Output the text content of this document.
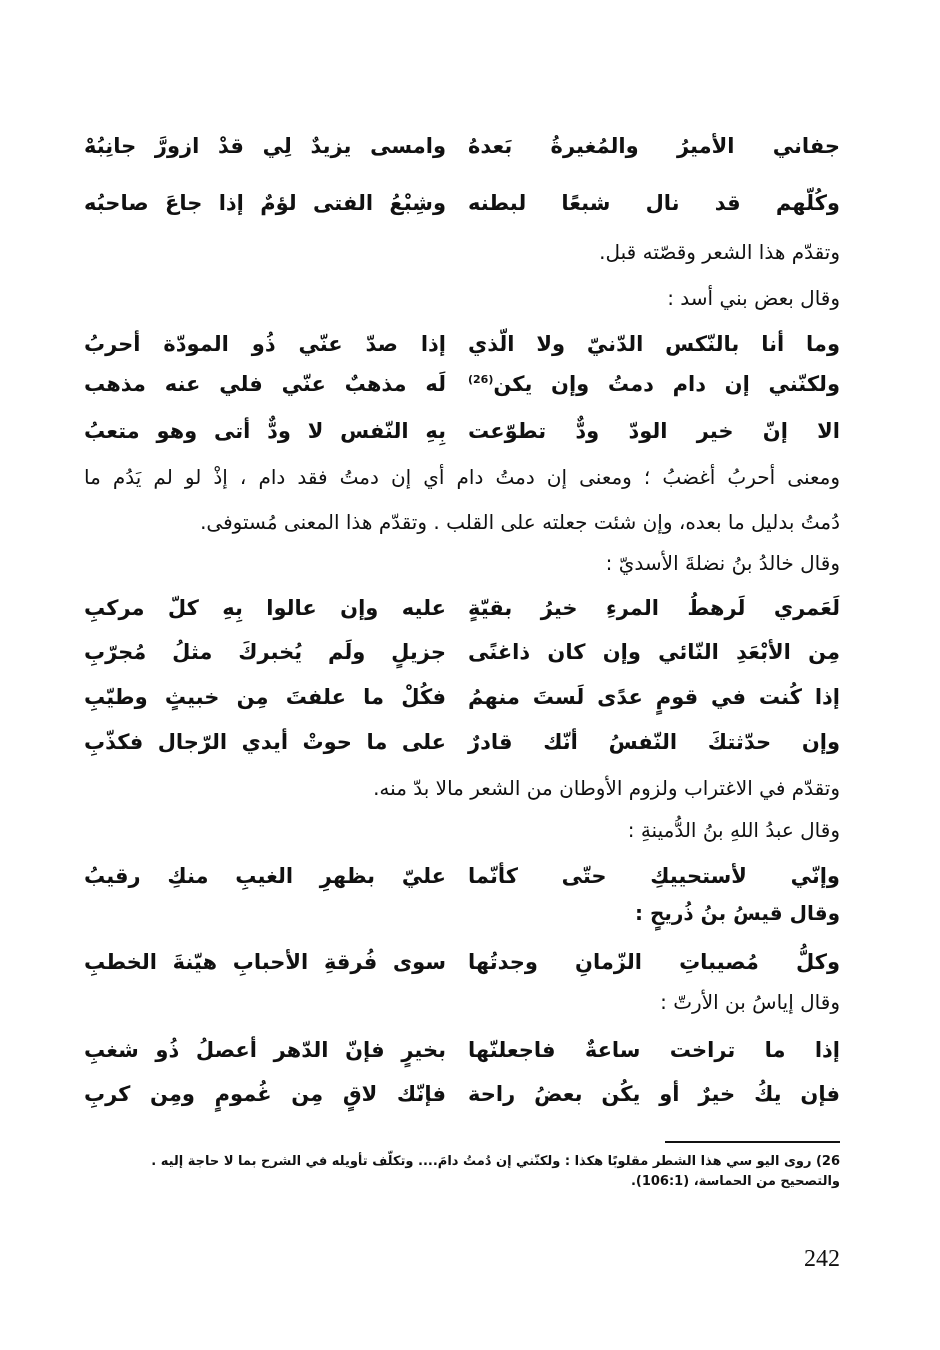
جفاني الأميرُ والمُغيرةُ بَعدهُ
وامسى يزيدٌ لِي قدْ ازورَّ جانِبُهْ
وكُلّهم قد نال شبعًا لبطنه
وشِبْعُ الفتى لؤمٌ إذا جاعَ صاحبُه
وتقدّم هذا الشعر وقصّته قبل.
وقال بعض بني أسد :
وما أنا بالنّكس الدّنيّ ولا الّذي
إذا صدّ عنّي ذُو المودّة أحربُ
ولكنّني إن دام دمتُ وإن يكن$^{(26)}$
لَه مذهبٌ عنّي فلي عنه مذهب
الا إنّ خير الودّ ودٌّ تطوّعت
بِهِ النّفس لا ودٌّ أتى وهو متعبُ
ومعنى أحربُ أغضبُ ؛ ومعنى إن دمتُ دام أي إن دمتُ فقد دام ، إذْ لو لم يَدُم ما
دُمتُ بدليل ما بعده، وإن شئت جعلته على القلب . وتقدّم هذا المعنى مُستوفى.
وقال خالدُ بنُ نضلةَ الأسديّ :
لَعَمري لَرهطُ المرءِ خيرُ بقيّةٍ
عليه وإن عالوا بِهِ كلّ مركبِ
مِن الأبْعَدِ النّائي وإن كان ذاغنًى
جزيلٍ ولَم يُخبركَ مثلُ مُجرّبِ
إذا كُنت في قومٍ عدًى لَستَ منهمُ
فكُلْ ما علفتَ مِن خبيثٍ وطيّبِ
وإن حدّثتكَ النّفسُ أنّك قادرٌ
على ما حوتْ أيدي الرّجال فكذّبِ
وتقدّم في الاغتراب ولزوم الأوطان من الشعر مالا بدّ منه.
وقال عبدُ اللهِ بنُ الدُّمينةِ :
وإنّي لأستحييكِ حتّى كأنّما
عليّ بظهرِ الغيبِ منكِ رقيبُ
وقال قيسُ بنُ ذُريحٍ :
وكلُّ مُصيباتِ الزّمانِ وجدتُها
سوى فُرقةِ الأحبابِ هيّنةَ الخطبِ
وقال إياسُ بن الأرتّ :
إذا ما تراخت ساعةٌ فاجعلنّها
بخيرٍ فإنّ الدّهر أعصلُ ذُو شغبِ
فإن يكُ خيرٌ أو يكُن بعضُ راحة
فإنّك لاقٍ مِن غُمومٍ ومِن كربِ
26) روى اليو سي هذا الشطر مقلوبًا هكذا : ولكنّني إن دُمتُ دامَ.... وتكلّف تأويله في الشرح بما لا حاجة إليه .
والتصحيح من الحماسة، (106:1).
242
